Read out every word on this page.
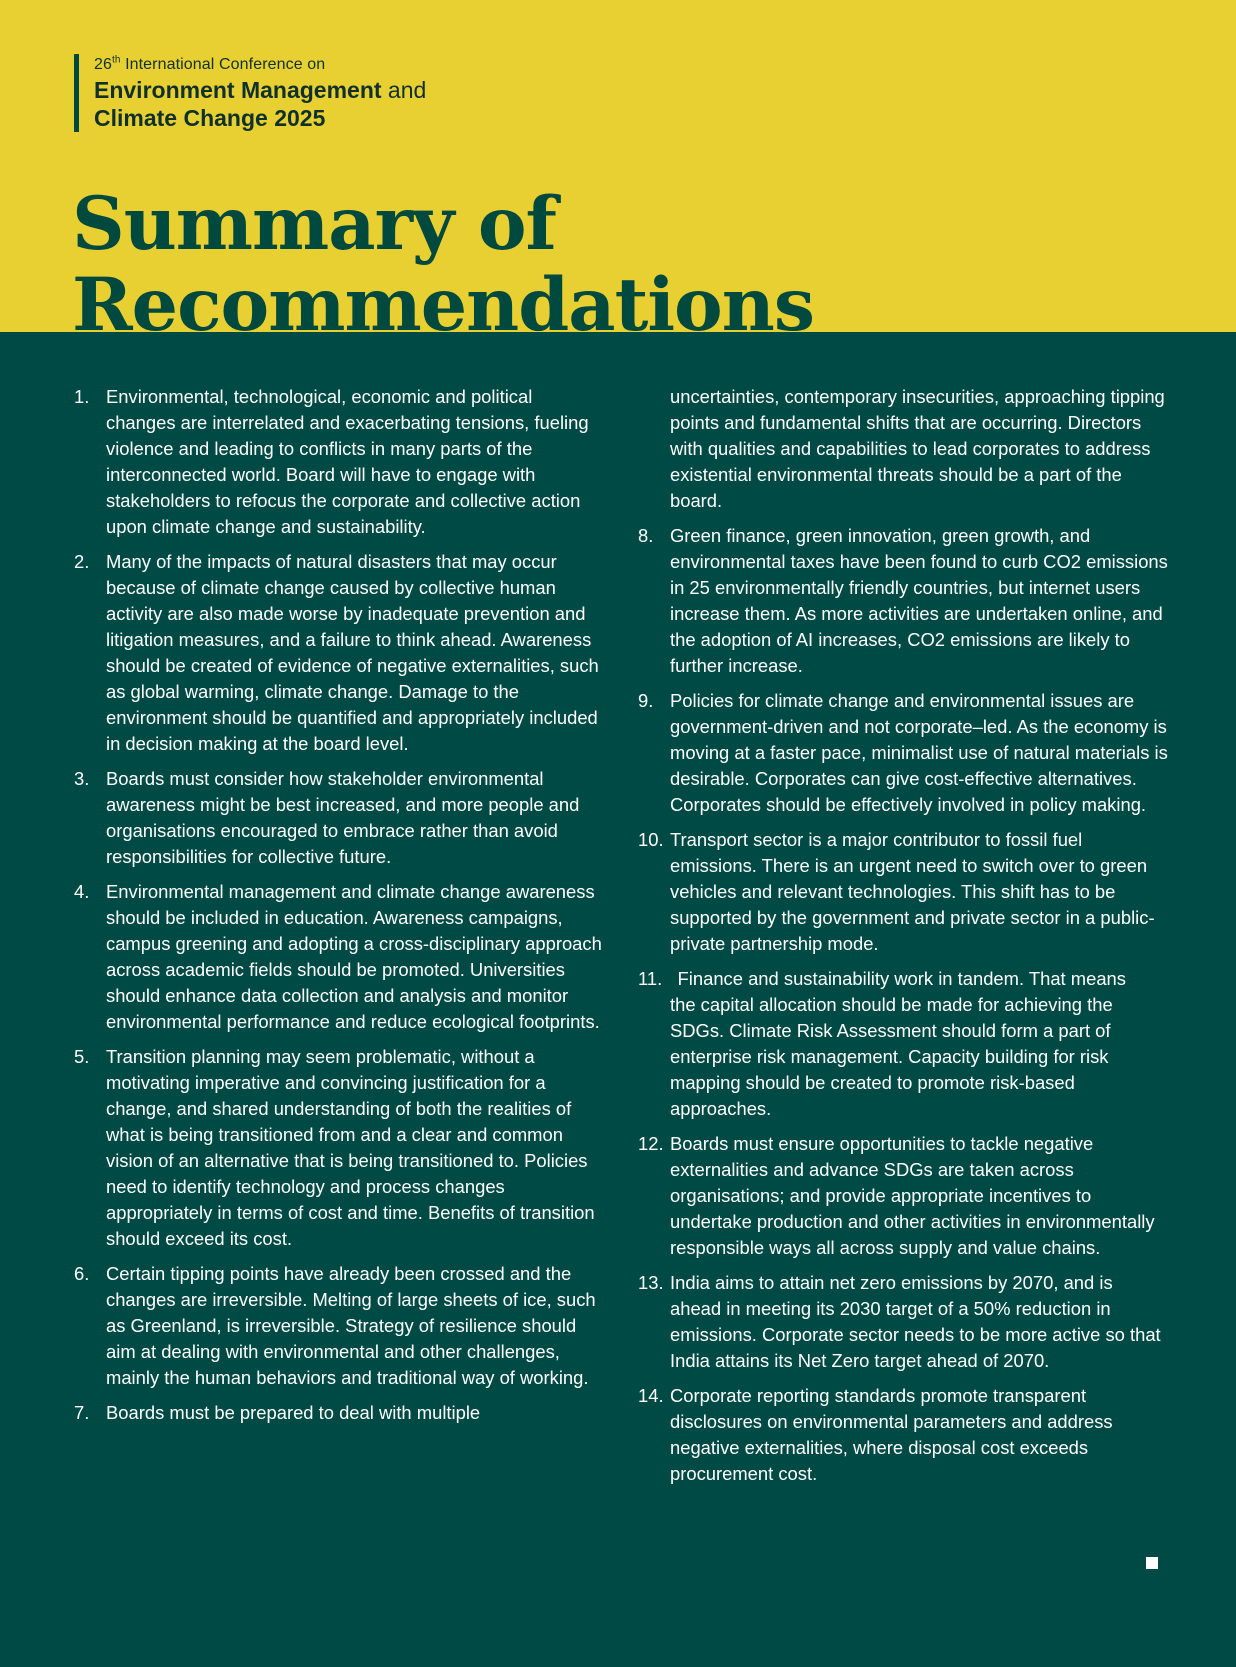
26th International Conference on
Environment Management and
Climate Change 2025
Summary of
Recommendations
1. Environmental, technological, economic and political changes are interrelated and exacerbating tensions, fueling violence and leading to conflicts in many parts of the interconnected world. Board will have to engage with stakeholders to refocus the corporate and collective action upon climate change and sustainability.
2. Many of the impacts of natural disasters that may occur because of climate change caused by collective human activity are also made worse by inadequate prevention and litigation measures, and a failure to think ahead. Awareness should be created of evidence of negative externalities, such as global warming, climate change. Damage to the environment should be quantified and appropriately included in decision making at the board level.
3. Boards must consider how stakeholder environmental awareness might be best increased, and more people and organisations encouraged to embrace rather than avoid responsibilities for collective future.
4. Environmental management and climate change awareness should be included in education. Awareness campaigns, campus greening and adopting a cross-disciplinary approach across academic fields should be promoted. Universities should enhance data collection and analysis and monitor environmental performance and reduce ecological footprints.
5. Transition planning may seem problematic, without a motivating imperative and convincing justification for a change, and shared understanding of both the realities of what is being transitioned from and a clear and common vision of an alternative that is being transitioned to. Policies need to identify technology and process changes appropriately in terms of cost and time. Benefits of transition should exceed its cost.
6. Certain tipping points have already been crossed and the changes are irreversible. Melting of large sheets of ice, such as Greenland, is irreversible. Strategy of resilience should aim at dealing with environmental and other challenges, mainly the human behaviors and traditional way of working.
7. Boards must be prepared to deal with multiple
uncertainties, contemporary insecurities, approaching tipping points and fundamental shifts that are occurring. Directors with qualities and capabilities to lead corporates to address existential environmental threats should be a part of the board.
8. Green finance, green innovation, green growth, and environmental taxes have been found to curb CO2 emissions in 25 environmentally friendly countries, but internet users increase them. As more activities are undertaken online, and the adoption of AI increases, CO2 emissions are likely to further increase.
9. Policies for climate change and environmental issues are government-driven and not corporate–led. As the economy is moving at a faster pace, minimalist use of natural materials is desirable. Corporates can give cost-effective alternatives. Corporates should be effectively involved in policy making.
10. Transport sector is a major contributor to fossil fuel emissions. There is an urgent need to switch over to green vehicles and relevant technologies. This shift has to be supported by the government and private sector in a public-private partnership mode.
11. Finance and sustainability work in tandem. That means
the capital allocation should be made for achieving the SDGs. Climate Risk Assessment should form a part of enterprise risk management. Capacity building for risk mapping should be created to promote risk-based approaches.
12. Boards must ensure opportunities to tackle negative externalities and advance SDGs are taken across organisations; and provide appropriate incentives to undertake production and other activities in environmentally responsible ways all across supply and value chains.
13. India aims to attain net zero emissions by 2070, and is ahead in meeting its 2030 target of a 50% reduction in emissions. Corporate sector needs to be more active so that India attains its Net Zero target ahead of 2070.
14. Corporate reporting standards promote transparent disclosures on environmental parameters and address negative externalities, where disposal cost exceeds procurement cost.
